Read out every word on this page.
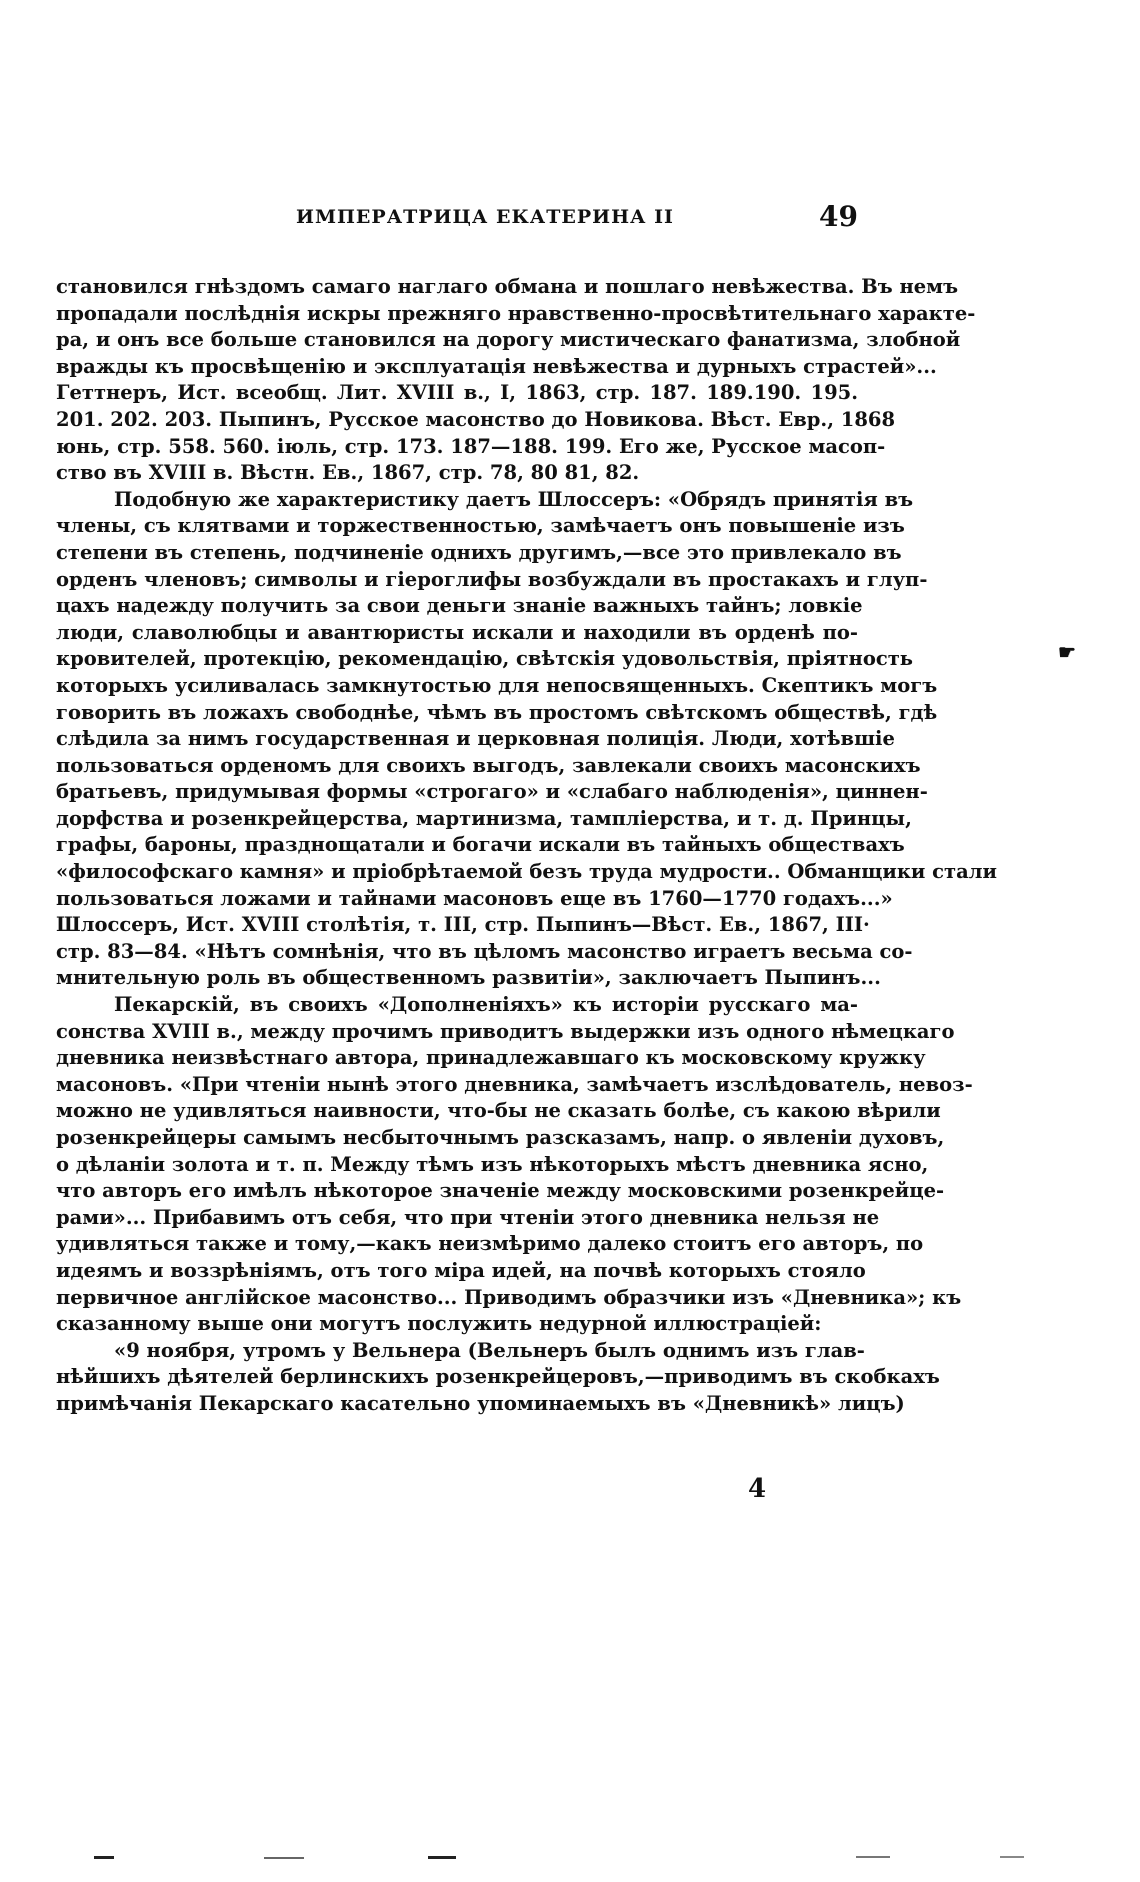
ИМПЕРАТРИЦА ЕКАТЕРИНА II	49
становился гнѣздомъ самаго наглаго обмана и пошлаго невѣжества. Въ немъ
пропадали послѣднія искры прежняго нравственно-просвѣтительнаго характе-
ра, и онъ все больше становился на дорогу мистическаго фанатизма, злобной
вражды къ просвѣщенію и эксплуатація невѣжества и дурныхъ страстей»...
Геттнеръ, Ист. всеобщ. Лит. XVIII в., I, 1863, стр. 187. 189.190. 195.
201. 202. 203. Пыпинъ, Русское масонство до Новикова. Вѣст. Евр., 1868
юнь, стр. 558. 560. іюль, стр. 173. 187—188. 199. Его же, Русское масоп-
ство въ XVIII в. Вѣстн. Ев., 1867, стр. 78, 80 81, 82.
Подобную же характеристику даетъ Шлоссеръ: «Обрядъ принятія въ
члены, съ клятвами и торжественностью, замѣчаетъ онъ повышеніе изъ
степени въ степень, подчиненіе однихъ другимъ,—все это привлекало въ
орденъ членовъ; символы и гіероглифы возбуждали въ простакахъ и глуп-
цахъ надежду получить за свои деньги знаніе важныхъ тайнъ; ловкіе
люди, славолюбцы и авантюристы искали и находили въ орденѣ по-
кровителей, протекцію, рекомендацію, свѣтскія удовольствія, пріятность
которыхъ усиливалась замкнутостью для непосвященныхъ. Скептикъ могъ
говорить въ ложахъ свободнѣе, чѣмъ въ простомъ свѣтскомъ обществѣ, гдѣ
слѣдила за нимъ государственная и церковная полиція. Люди, хотѣвшіе
пользоваться орденомъ для своихъ выгодъ, завлекали своихъ масонскихъ
братьевъ, придумывая формы «строгаго» и «слабаго наблюденія», циннен-
дорфства и розенкрейцерства, мартинизма, тампліерства, и т. д. Принцы,
графы, бароны, празднощатали и богачи искали въ тайныхъ обществахъ
«философскаго камня» и пріобрѣтаемой безъ труда мудрости.. Обманщики стали
пользоваться ложами и тайнами масоновъ еще въ 1760—1770 годахъ...»
Шлоссеръ, Ист. XVIII столѣтія, т. III, стр. Пыпинъ—Вѣст. Ев., 1867, III·
стр. 83—84. «Нѣтъ сомнѣнія, что въ цѣломъ масонство играетъ весьма со-
мнительную роль въ общественномъ развитіи», заключаетъ Пыпинъ...
Пекарскій, въ своихъ «Дополненіяхъ» къ исторіи русскаго ма-
сонства XVIII в., между прочимъ приводитъ выдержки изъ одного нѣмецкаго
дневника неизвѣстнаго автора, принадлежавшаго къ московскому кружку
масоновъ. «При чтеніи нынѣ этого дневника, замѣчаетъ изслѣдователь, невоз-
можно не удивляться наивности, что-бы не сказать болѣе, съ какою вѣрили
розенкрейцеры самымъ несбыточнымъ разсказамъ, напр. о явленіи духовъ,
о дѣланіи золота и т. п. Между тѣмъ изъ нѣкоторыхъ мѣстъ дневника ясно,
что авторъ его имѣлъ нѣкоторое значеніе между московскими розенкрейце-
рами»... Прибавимъ отъ себя, что при чтеніи этого дневника нельзя не
удивляться также и тому,—какъ неизмѣримо далеко стоитъ его авторъ, по
идеямъ и воззрѣніямъ, отъ того міра идей, на почвѣ которыхъ стояло
первичное англійское масонство... Приводимъ образчики изъ «Дневника»; къ
сказанному выше они могутъ послужить недурной иллюстраціей:
«9 ноября, утромъ у Вельнера (Вельнеръ былъ однимъ изъ глав-
нѣйшихъ дѣятелей берлинскихъ розенкрейцеровъ,—приводимъ въ скобкахъ
примѣчанія Пекарскаго касательно упоминаемыхъ въ «Дневникѣ» лицъ)
☛
4
